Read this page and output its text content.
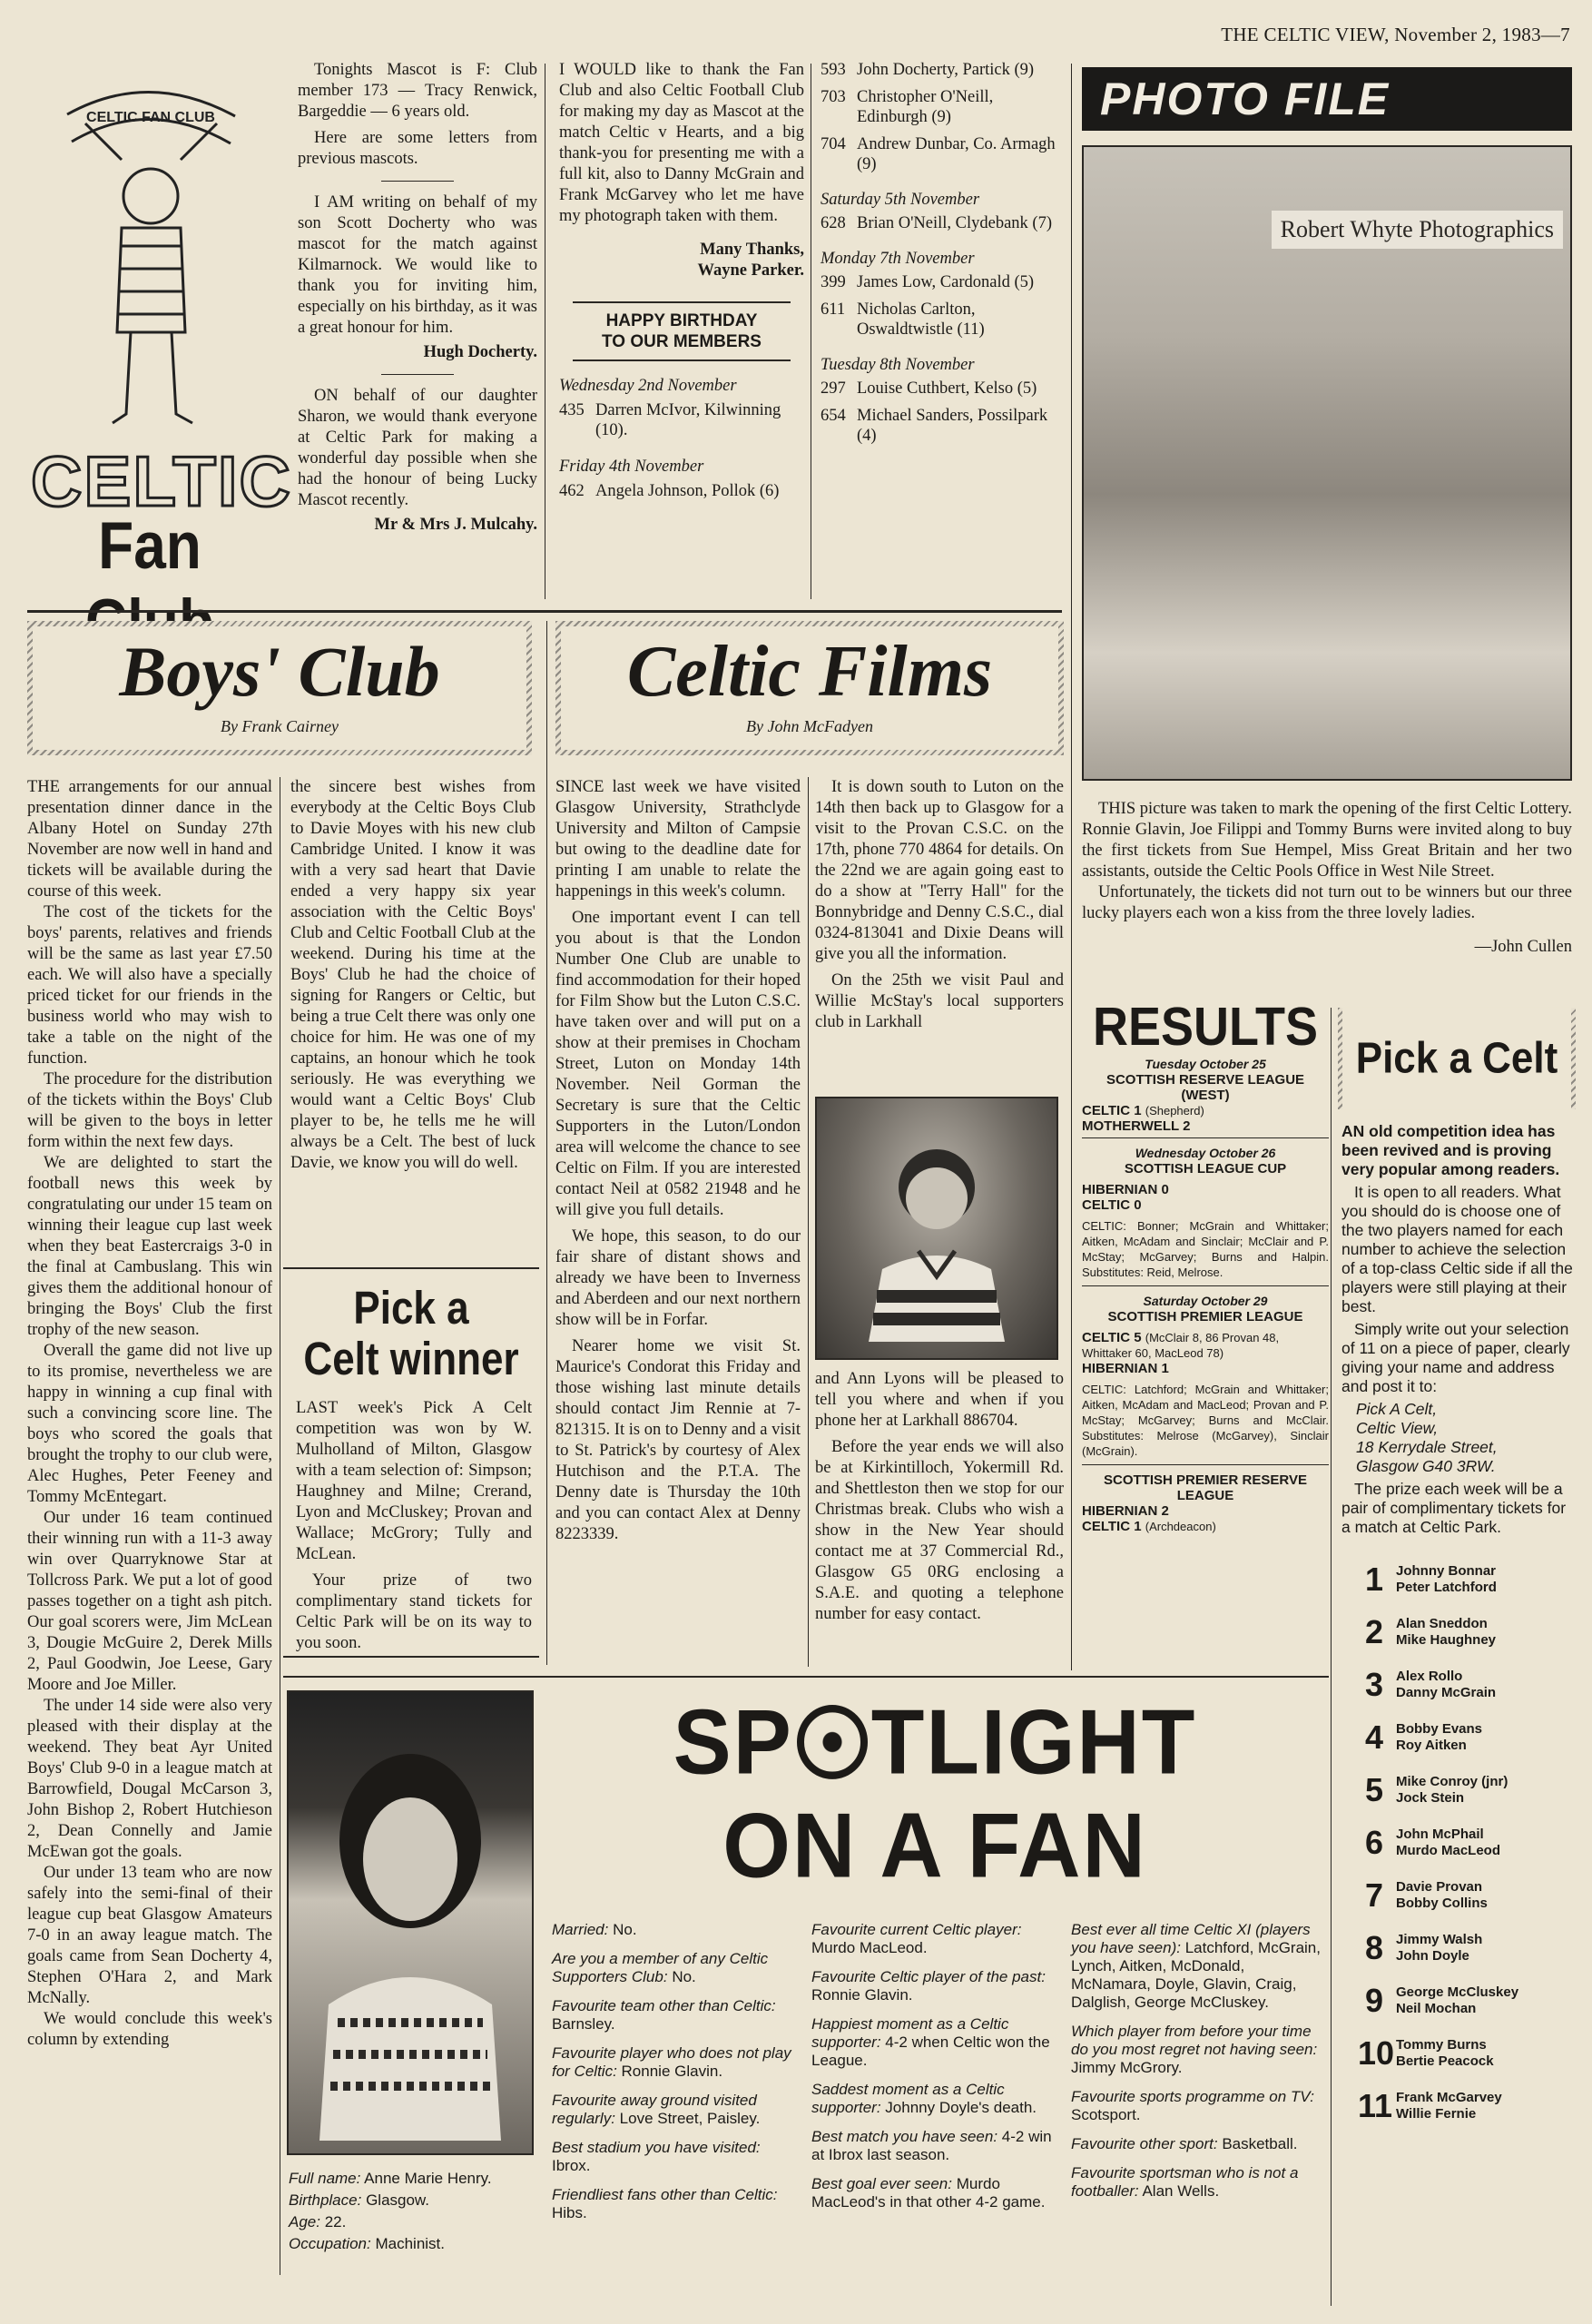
THE CELTIC VIEW, November 2, 1983—7
CELTIC FAN CLUB
CELTIC
Fan

Tonights Mascot is F: Club member 173 — Tracy Renwick, Bargeddie — 6 years old.

Here are some letters from previous mascots.

I AM writing on behalf of my son Scott Docherty who was mascot for the match against Kilmarnock. We would like to thank you for inviting him, especially on his birthday, as it was a great honour for him.

Hugh Docherty.

ON behalf of our daughter Sharon, we would thank everyone at Celtic Park for making a wonderful day possible when she had the honour of being Lucky Mascot recently.

Mr & Mrs J. Mulcahy.

I WOULD like to thank the Fan Club and also Celtic Football Club for making my day as Mascot at the match Celtic v Hearts, and a big thank-you for presenting me with a full kit, also to Danny McGrain and Frank McGarvey who let me have my photograph taken with them.

Many Thanks,
Wayne Parker.
HAPPY BIRTHDAY
TO OUR MEMBERS
Wednesday 2nd November
435 Darren McIvor, Kilwinning (10).
Friday 4th November
462 Angela Johnson, Pollok (6)
593 John Docherty, Partick (9)
703 Christopher O'Neill, Edinburgh (9)
704 Andrew Dunbar, Co. Armagh (9)
Saturday 5th November
628 Brian O'Neill, Clydebank (7)
Monday 7th November
399 James Low, Cardonald (5)
611 Nicholas Carlton, Oswaldtwistle (11)
Tuesday 8th November
297 Louise Cuthbert, Kelso (5)
654 Michael Sanders, Possilpark (4)
PHOTO FILE
Robert Whyte Photographics

THIS picture was taken to mark the opening of the first Celtic Lottery. Ronnie Glavin, Joe Filippi and Tommy Burns were invited along to buy the first tickets from Sue Hempel, Miss Great Britain and her two assistants, outside the Celtic Pools Office in West Nile Street.

Unfortunately, the tickets did not turn out to be winners but our three lucky players each won a kiss from the three lovely ladies.

—John Cullen
Boys' Club
By Frank Cairney

THE arrangements for our annual presentation dinner dance in the Albany Hotel on Sunday 27th November are now well in hand and tickets will be available during the course of this week.

The cost of the tickets for the boys' parents, relatives and friends will be the same as last year £7.50 each. We will also have a specially priced ticket for our friends in the business world who may wish to take a table on the night of the function.

The procedure for the distribution of the tickets within the Boys' Club will be given to the boys in letter form within the next few days.

We are delighted to start the football news this week by congratulating our under 15 team on winning their league cup last week when they beat Eastercraigs 3-0 in the final at Cambuslang. This win gives them the additional honour of bringing the Boys' Club the first trophy of the new season.

Overall the game did not live up to its promise, nevertheless we are happy in winning a cup final with such a convincing score line. The boys who scored the goals that brought the trophy to our club were, Alec Hughes, Peter Feeney and Tommy McEntegart.

Our under 16 team continued their winning run with a 11-3 away win over Quarryknowe Star at Tollcross Park. We put a lot of good passes together on a tight ash pitch. Our goal scorers were, Jim McLean 3, Dougie McGuire 2, Derek Mills 2, Paul Goodwin, Joe Leese, Gary Moore and Joe Miller.

The under 14 side were also very pleased with their display at the weekend. They beat Ayr United Boys' Club 9-0 in a league match at Barrowfield, Dougal McCarson 3, John Bishop 2, Robert Hutchieson 2, Dean Connelly and Jamie McEwan got the goals.

Our under 13 team who are now safely into the semi-final of their league cup beat Glasgow Amateurs 7-0 in an away league match. The goals came from Sean Docherty 4, Stephen O'Hara 2, and Mark McNally.

We would conclude this week's column by extending

the sincere best wishes from everybody at the Celtic Boys Club to Davie Moyes with his new club Cambridge United. I know it was with a very sad heart that Davie ended a very happy six year association with the Celtic Boys' Club and Celtic Football Club at the weekend. During his time at the Boys' Club he had the choice of signing for Rangers or Celtic, but being a true Celt there was only one choice for him. He was one of my captains, an honour which he took seriously. He was everything we would want a Celtic Boys' Club player to be, he tells me he will always be a Celt. The best of luck Davie, we know you will do well.

Pick a
Celt winner

LAST week's Pick A Celt competition was won by W. Mulholland of Milton, Glasgow with a team selection of: Simpson; Haughney and Milne; Crerand, Lyon and McCluskey; Provan and Wallace; McGrory; Tully and McLean.

Your prize of two complimentary stand tickets for Celtic Park will be on its way to you soon.

Celtic Films
By John McFadyen

SINCE last week we have visited Glasgow University, Strathclyde University and Milton of Campsie but owing to the deadline date for printing I am unable to relate the happenings in this week's column.

One important event I can tell you about is that the London Number One Club are unable to find accommodation for their hoped for Film Show but the Luton C.S.C. have taken over and will put on a show at their premises in Chocham Street, Luton on Monday 14th November. Neil Gorman the Secretary is sure that the Celtic Supporters in the Luton/London area will welcome the chance to see Celtic on Film. If you are interested contact Neil at 0582 21948 and he will give you full details.

We hope, this season, to do our fair share of distant shows and already we have been to Inverness and Aberdeen and our next northern show will be in Forfar.

Nearer home we visit St. Maurice's Condorat this Friday and those wishing last minute details should contact Jim Rennie at 7-821315. It is on to Denny and a visit to St. Patrick's by courtesy of Alex Hutchison and the P.T.A. The Denny date is Thursday the 10th and you can contact Alex at Denny 8223339.

It is down south to Luton on the 14th then back up to Glasgow for a visit to the Provan C.S.C. on the 17th, phone 770 4864 for details. On the 22nd we are again going east to do a show at "Terry Hall" for the Bonnybridge and Denny C.S.C., dial 0324-813041 and Dixie Deans will give you all the information.

On the 25th we visit Paul and Willie McStay's local supporters club in Larkhall

and Ann Lyons will be pleased to tell you where and when if you phone her at Larkhall 886704.

Before the year ends we will also be at Kirkintilloch, Yokermill Rd. and Shettleston then we stop for our Christmas break. Clubs who wish a show in the New Year should contact me at 37 Commercial Rd., Glasgow G5 0RG enclosing a S.A.E. and quoting a telephone number for easy contact.

RESULTS
Tuesday October 25
SCOTTISH RESERVE LEAGUE (WEST)
CELTIC 1 (Shepherd)
MOTHERWELL 2
Wednesday October 26
SCOTTISH LEAGUE CUP
HIBERNIAN 0
CELTIC 0
CELTIC: Bonner; McGrain and Whittaker; Aitken, McAdam and Sinclair; McClair and P. McStay; McGarvey; Burns and Halpin. Substitutes: Reid, Melrose.
Saturday October 29
SCOTTISH PREMIER LEAGUE
CELTIC 5 (McClair 8, 86 Provan 48, Whittaker 60, MacLeod 78)
HIBERNIAN 1
CELTIC: Latchford; McGrain and Whittaker; Aitken, McAdam and MacLeod; Provan and P. McStay; McGarvey; Burns and McClair. Substitutes: Melrose (McGarvey), Sinclair (McGrain).
SCOTTISH PREMIER RESERVE LEAGUE
HIBERNIAN 2
CELTIC 1 (Archdeacon)
Pick a Celt
AN old competition idea has been revived and is proving very popular among readers.
It is open to all readers. What you should do is choose one of the two players named for each number to achieve the selection of a top-class Celtic side if all the players were still playing at their best.
Simply write out your selection of 11 on a piece of paper, clearly giving your name and address and post it to:
Pick A Celt,
Celtic View,
18 Kerrydale Street,
Glasgow G40 3RW.
The prize each week will be a pair of complimentary tickets for a match at Celtic Park.
1 Johnny Bonnar
Peter Latchford
2 Alan Sneddon
Mike Haughney
3 Alex Rollo
Danny McGrain
4 Bobby Evans
Roy Aitken
5 Mike Conroy (jnr)
Jock Stein
6 John McPhail
Murdo MacLeod
7 Davie Provan
Bobby Collins
8 Jimmy Walsh
John Doyle
9 George McCluskey
Neil Mochan
10 Tommy Burns
Bertie Peacock
11 Frank McGarvey
Willie Fernie
Full name: Anne Marie Henry.
Birthplace: Glasgow.
Age: 22.
Occupation: Machinist.
SP TLIGHT
ON A FAN
Married: No.
Are you a member of any Celtic Supporters Club: No.
Favourite team other than Celtic: Barnsley.
Favourite player who does not play for Celtic: Ronnie Glavin.
Favourite away ground visited regularly: Love Street, Paisley.
Best stadium you have visited: Ibrox.
Friendliest fans other than Celtic: Hibs.
Favourite current Celtic player: Murdo MacLeod.
Favourite Celtic player of the past: Ronnie Glavin.
Happiest moment as a Celtic supporter: 4-2 when Celtic won the League.
Saddest moment as a Celtic supporter: Johnny Doyle's death.
Best match you have seen: 4-2 win at Ibrox last season.
Best goal ever seen: Murdo MacLeod's in that other 4-2 game.
Best ever all time Celtic XI (players you have seen): Latchford, McGrain, Lynch, Aitken, McDonald, McNamara, Doyle, Glavin, Craig, Dalglish, George McCluskey.
Which player from before your time do you most regret not having seen: Jimmy McGrory.
Favourite sports programme on TV: Scotsport.
Favourite other sport: Basketball.
Favourite sportsman who is not a footballer: Alan Wells.
